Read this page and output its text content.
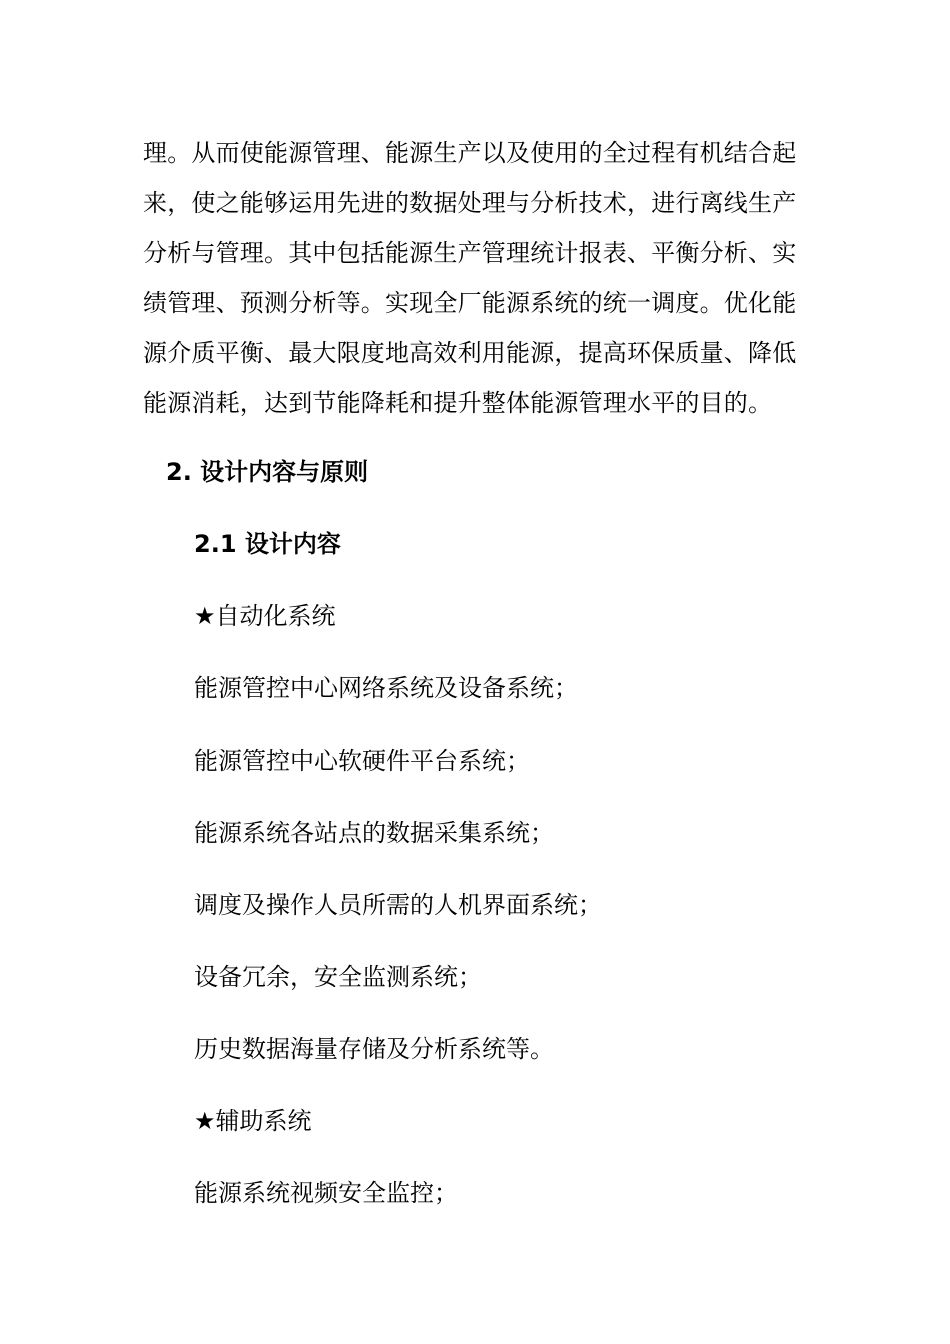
理。从而使能源管理、能源生产以及使用的全过程有机结合起
来，使之能够运用先进的数据处理与分析技术，进行离线生产
分析与管理。其中包括能源生产管理统计报表、平衡分析、实
绩管理、预测分析等。实现全厂能源系统的统一调度。优化能
源介质平衡、最大限度地高效利用能源，提高环保质量、降低
能源消耗，达到节能降耗和提升整体能源管理水平的目的。
2. 设计内容与原则
2.1 设计内容
★自动化系统
能源管控中心网络系统及设备系统；
能源管控中心软硬件平台系统；
能源系统各站点的数据采集系统；
调度及操作人员所需的人机界面系统；
设备冗余，安全监测系统；
历史数据海量存储及分析系统等。
★辅助系统
能源系统视频安全监控；
